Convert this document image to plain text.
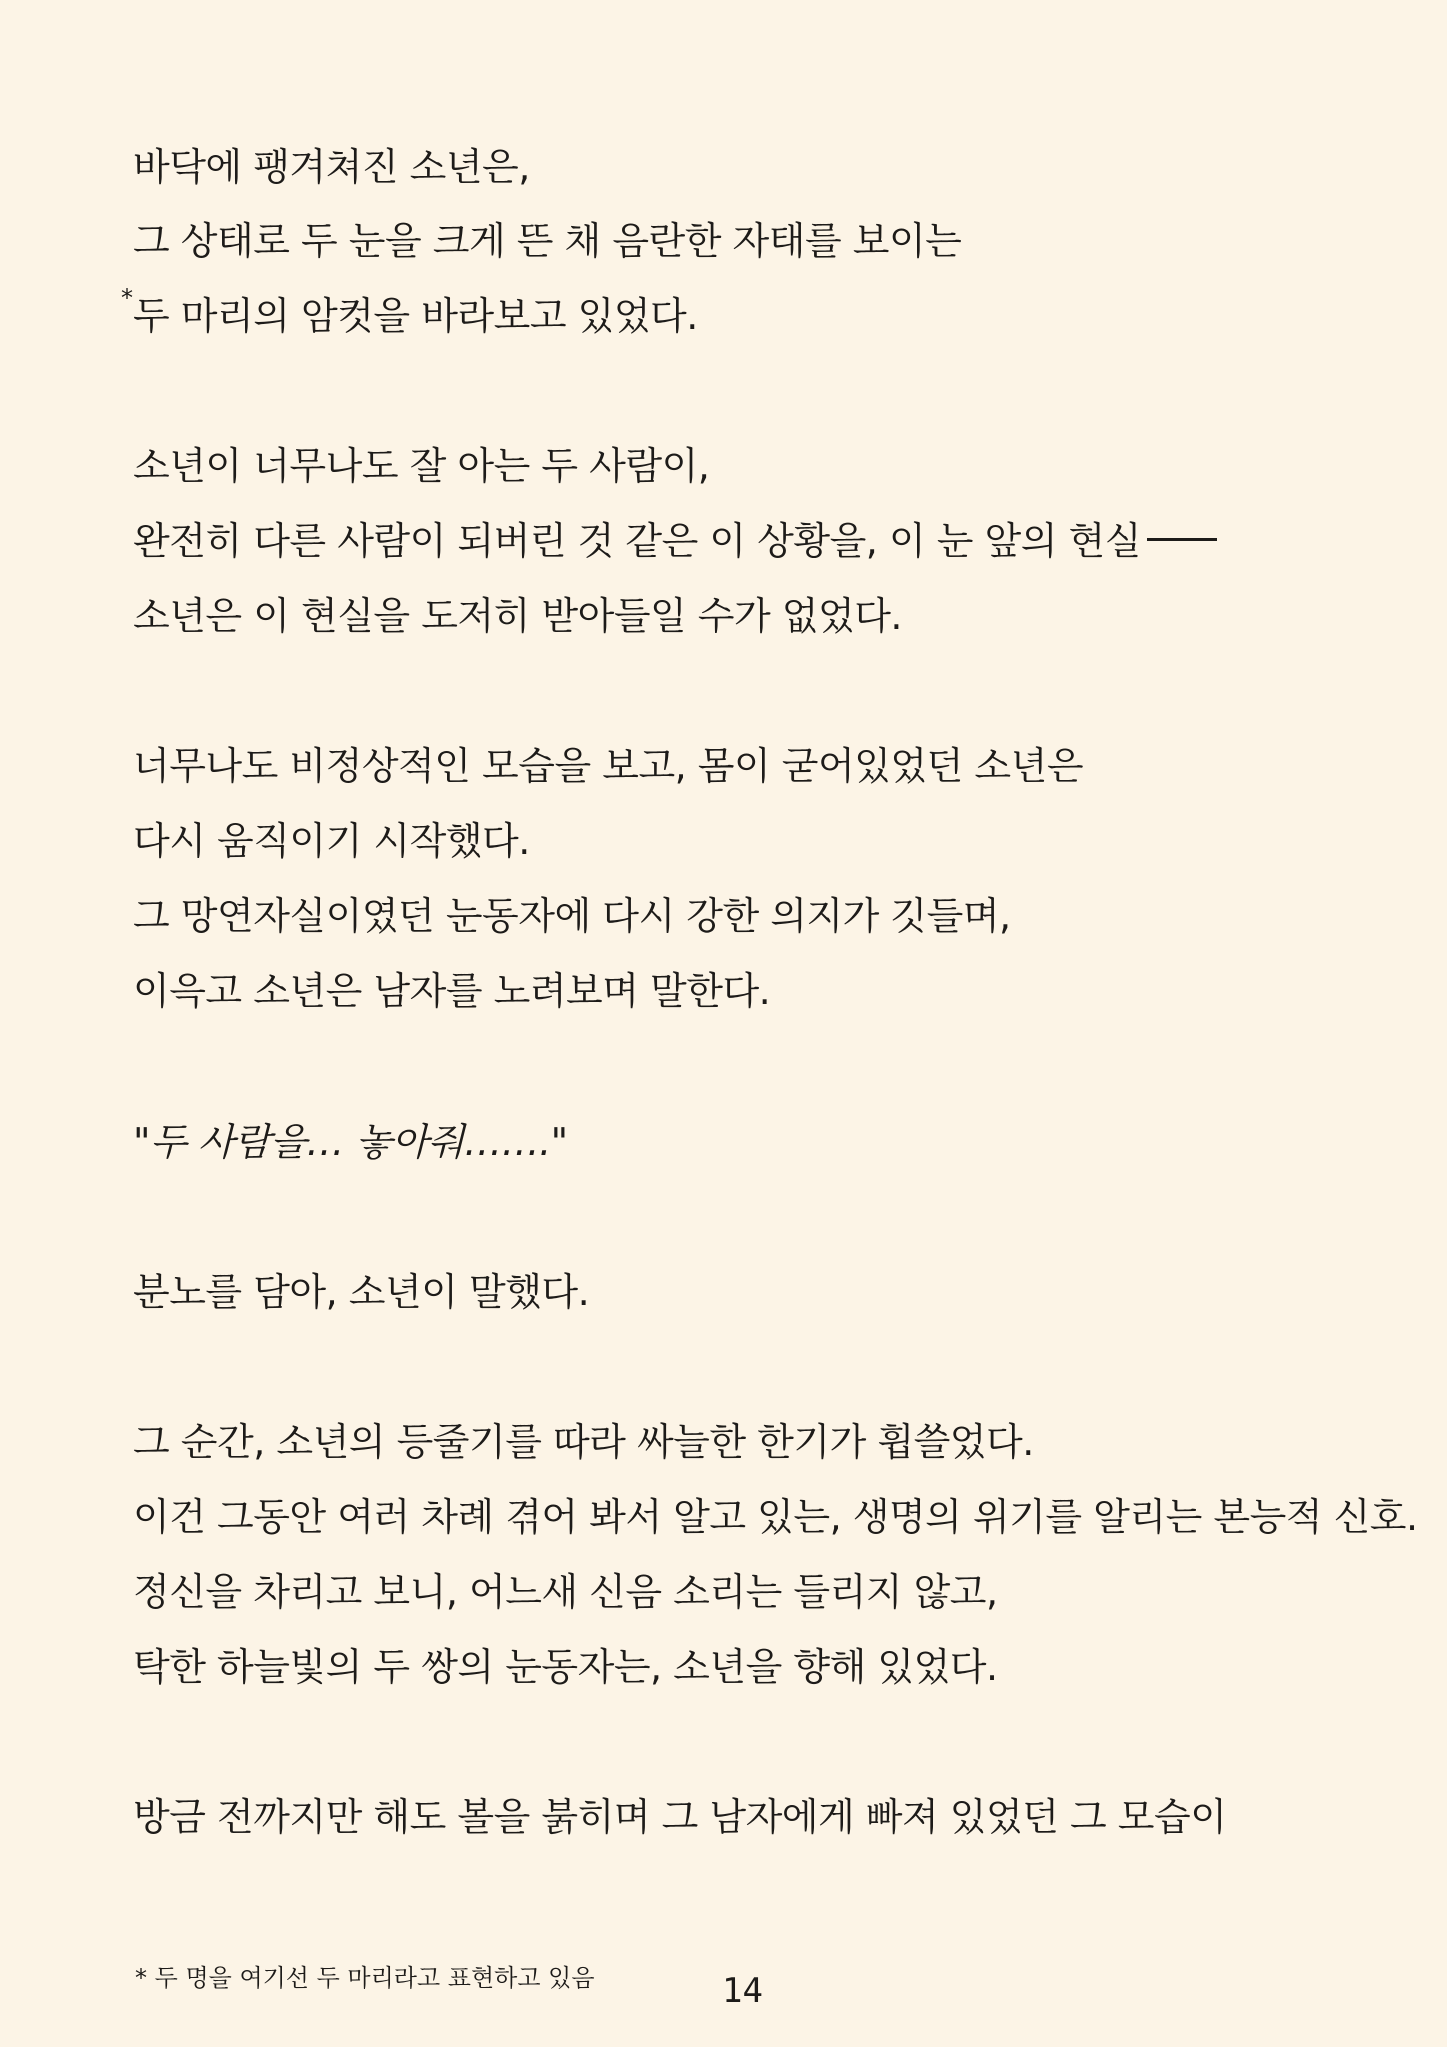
바닥에 팽겨쳐진 소년은,
그 상태로 두 눈을 크게 뜬 채 음란한 자태를 보이는
* 두 마리의 암컷을 바라보고 있었다.
소년이 너무나도 잘 아는 두 사람이,
완전히 다른 사람이 되버린 것 같은 이 상황을, 이 눈 앞의 현실
소년은 이 현실을 도저히 받아들일 수가 없었다.
너무나도 비정상적인 모습을 보고, 몸이 굳어있었던 소년은
다시 움직이기 시작했다.
그 망연자실이였던 눈동자에 다시 강한 의지가 깃들며,
이윽고 소년은 남자를 노려보며 말한다.
"두 사람을… 놓아줘……."
분노를 담아, 소년이 말했다.
그 순간, 소년의 등줄기를 따라 싸늘한 한기가 휩쓸었다.
이건 그동안 여러 차례 겪어 봐서 알고 있는, 생명의 위기를 알리는 본능적 신호.
정신을 차리고 보니, 어느새 신음 소리는 들리지 않고,
탁한 하늘빛의 두 쌍의 눈동자는, 소년을 향해 있었다.
방금 전까지만 해도 볼을 붉히며 그 남자에게 빠져 있었던 그 모습이
* 두 명을 여기선 두 마리라고 표현하고 있음	14
